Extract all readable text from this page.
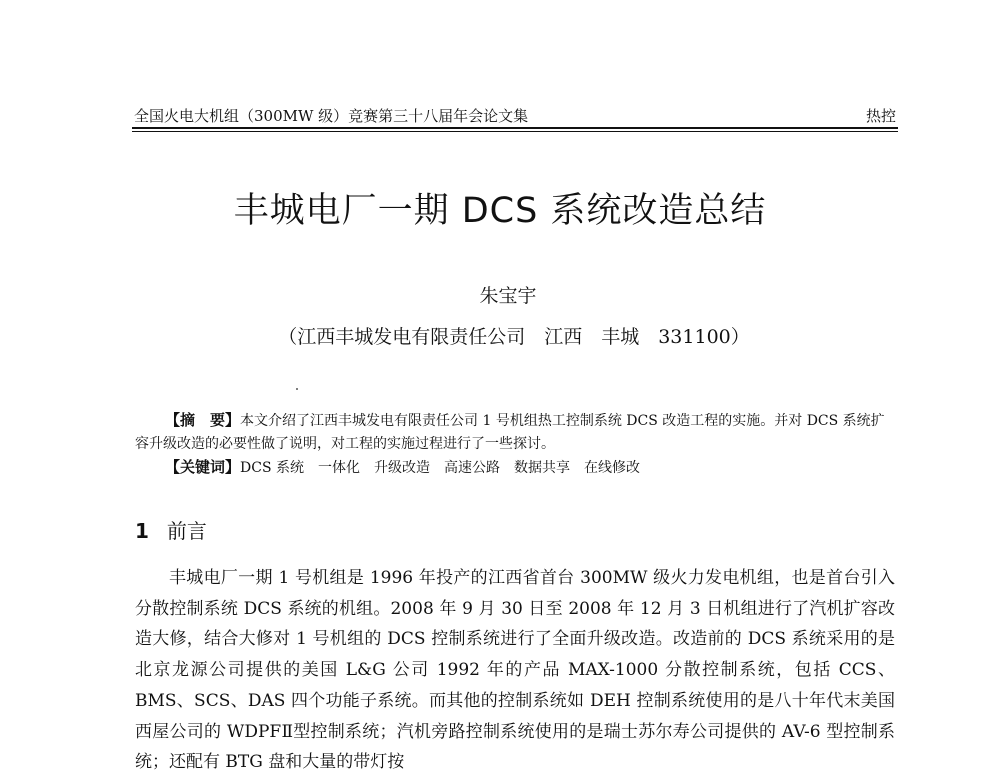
全国火电大机组（300MW 级）竞赛第三十八届年会论文集	热控
丰城电厂一期 DCS 系统改造总结
朱宝宇
（江西丰城发电有限责任公司　江西　丰城　331100）

【摘　要】本文介绍了江西丰城发电有限责任公司 1 号机组热工控制系统 DCS 改造工程的实施。并对 DCS 系统扩容升级改造的必要性做了说明，对工程的实施过程进行了一些探讨。

【关键词】DCS 系统　一体化　升级改造　高速公路　数据共享　在线修改

1 前言

丰城电厂一期 1 号机组是 1996 年投产的江西省首台 300MW 级火力发电机组，也是首台引入分散控制系统 DCS 系统的机组。2008 年 9 月 30 日至 2008 年 12 月 3 日机组进行了汽机扩容改造大修，结合大修对 1 号机组的 DCS 控制系统进行了全面升级改造。改造前的 DCS 系统采用的是北京龙源公司提供的美国 L&G 公司 1992 年的产品 MAX-1000 分散控制系统，包括 CCS、BMS、SCS、DAS 四个功能子系统。而其他的控制系统如 DEH 控制系统使用的是八十年代末美国西屋公司的 WDPFⅡ型控制系统；汽机旁路控制系统使用的是瑞士苏尔寿公司提供的 AV-6 型控制系统；还配有 BTG 盘和大量的带灯按
